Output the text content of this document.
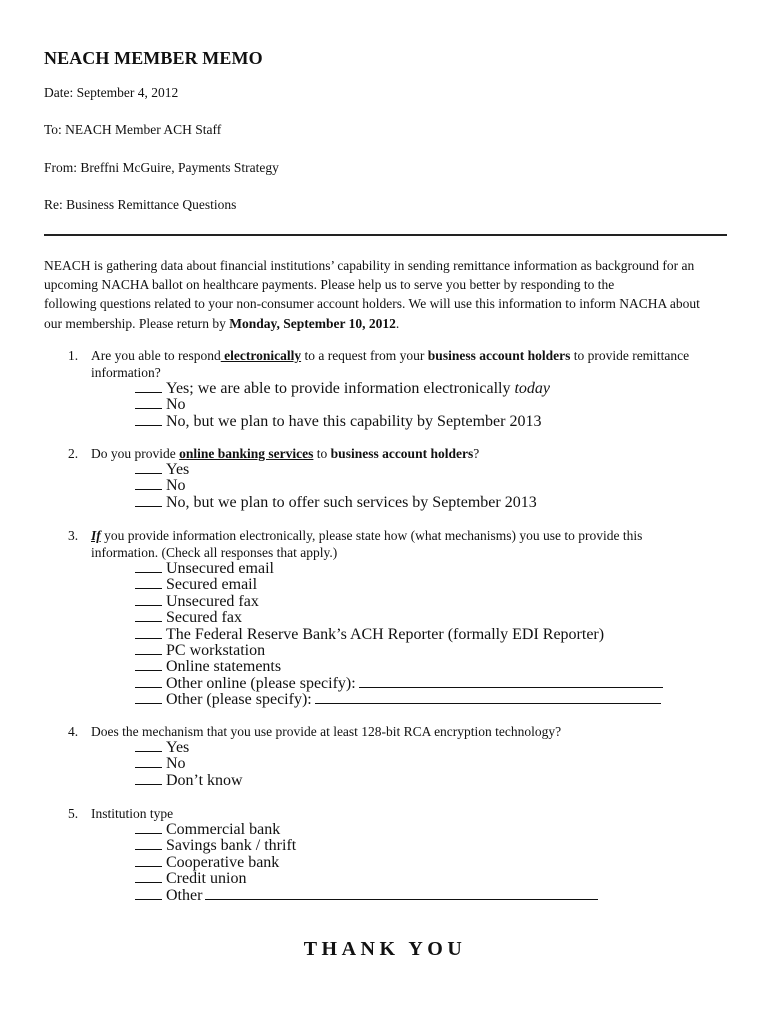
NEACH MEMBER MEMO
Date: September 4, 2012
To: NEACH Member ACH Staff
From: Breffni McGuire, Payments Strategy
Re: Business Remittance Questions
NEACH is gathering data about financial institutions’ capability in sending remittance information as background for an
upcoming NACHA ballot on healthcare payments. Please help us to serve you better by responding to the
following questions related to your non-consumer account holders. We will use this information to inform NACHA about
our membership. Please return by Monday, September 10, 2012.
1. Are you able to respond electronically to a request from your business account holders to provide remittance
information?
Yes; we are able to provide information electronically today
No
No, but we plan to have this capability by September 2013
2. Do you provide online banking services to business account holders?
Yes
No
No, but we plan to offer such services by September 2013
3. If you provide information electronically, please state how (what mechanisms) you use to provide this
information. (Check all responses that apply.)
Unsecured email
Secured email
Unsecured fax
Secured fax
The Federal Reserve Bank’s ACH Reporter (formally EDI Reporter)
PC workstation
Online statements
Other online (please specify):
Other (please specify):
4. Does the mechanism that you use provide at least 128-bit RCA encryption technology?
Yes
No
Don’t know
5. Institution type
Commercial bank
Savings bank / thrift
Cooperative bank
Credit union
Other
THANK YOU
